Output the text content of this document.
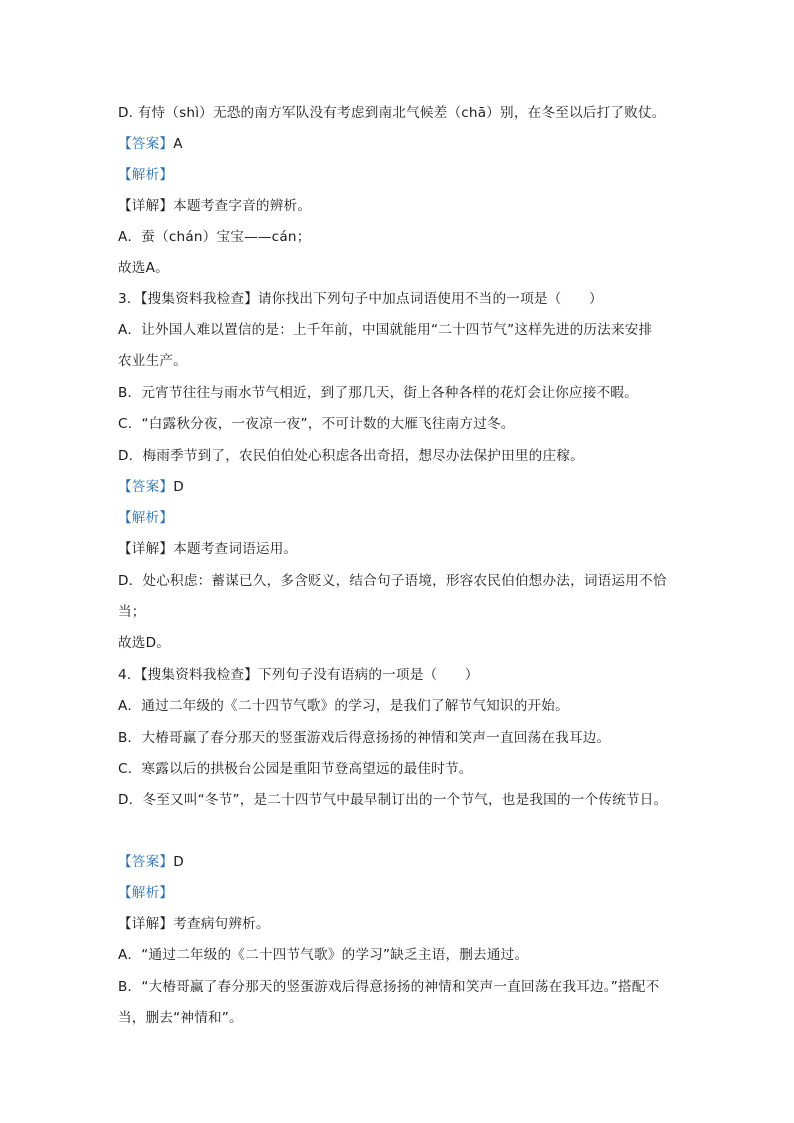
D. 有恃（shì）无恐的南方军队没有考虑到南北气候差（chā）别，在冬至以后打了败仗。
【答案】A
【解析】
【详解】本题考查字音的辨析。
A．蚕（chán）宝宝——cán；
故选A。
3．【搜集资料我检查】请你找出下列句子中加点词语使用不当的一项是（　　）
A．让外国人难以置信的是：上千年前，中国就能用“二十四节气”这样先进的历法来安排
农业生产。
B．元宵节往往与雨水节气相近，到了那几天，街上各种各样的花灯会让你应接不暇。
C．“白露秋分夜，一夜凉一夜”，不可计数的大雁飞往南方过冬。
D．梅雨季节到了，农民伯伯处心积虑各出奇招，想尽办法保护田里的庄稼。
【答案】D
【解析】
【详解】本题考查词语运用。
D．处心积虑：蓄谋已久，多含贬义，结合句子语境，形容农民伯伯想办法，词语运用不恰
当；
故选D。
4．【搜集资料我检查】下列句子没有语病的一项是（　　）
A．通过二年级的《二十四节气歌》的学习，是我们了解节气知识的开始。
B．大椿哥赢了春分那天的竖蛋游戏后得意扬扬的神情和笑声一直回荡在我耳边。
C．寒露以后的拱极台公园是重阳节登高望远的最佳时节。
D．冬至又叫“冬节”，是二十四节气中最早制订出的一个节气，也是我国的一个传统节日。
【答案】D
【解析】
【详解】考查病句辨析。
A．“通过二年级的《二十四节气歌》的学习”缺乏主语，删去通过。
B．“大椿哥赢了春分那天的竖蛋游戏后得意扬扬的神情和笑声一直回荡在我耳边。”搭配不
当，删去“神情和”。
